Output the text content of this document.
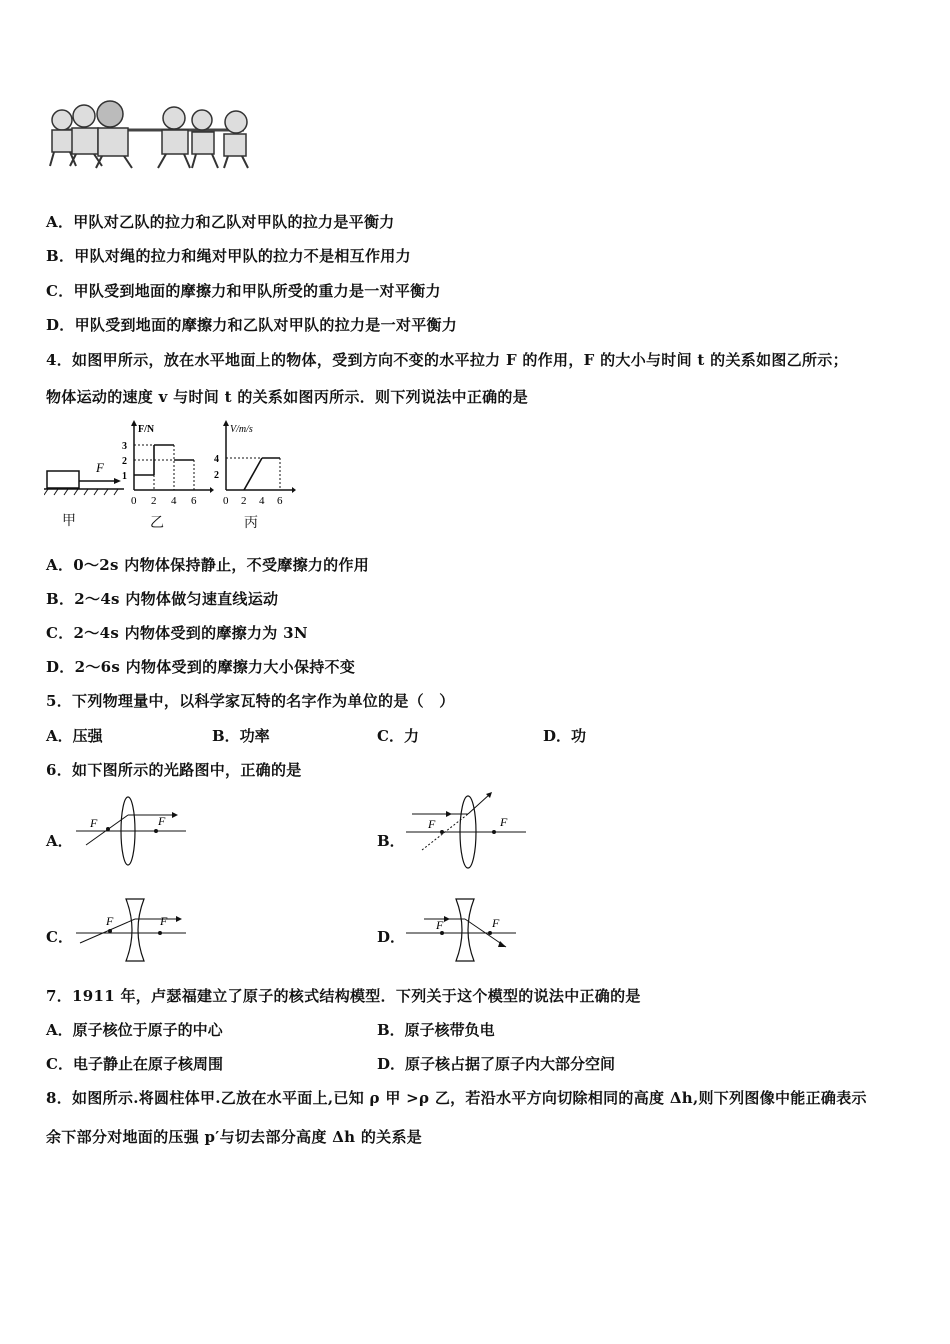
A．甲队对乙队的拉力和乙队对甲队的拉力是平衡力
B．甲队对绳的拉力和绳对甲队的拉力不是相互作用力
C．甲队受到地面的摩擦力和甲队所受的重力是一对平衡力
D．甲队受到地面的摩擦力和乙队对甲队的拉力是一对平衡力
4．如图甲所示，放在水平地面上的物体，受到方向不变的水平拉力 F 的作用，F 的大小与时间 t 的关系如图乙所示；
物体运动的速度 v 与时间 t 的关系如图丙所示．则下列说法中正确的是
F
甲
F/N
0 2 4 6
3
2
1
乙
V/m/s
0 2 4 6
4
2
丙
A．0～2s 内物体保持静止，不受摩擦力的作用
B．2～4s 内物体做匀速直线运动
C．2～4s 内物体受到的摩擦力为 3N
D．2～6s 内物体受到的摩擦力大小保持不变
5．下列物理量中，以科学家瓦特的名字作为单位的是（　）
A．压强	B．功率	C．力	D．功
6．如下图所示的光路图中，正确的是
A．
F	F
B．
F	F
C．
F	F
D．
F	F
7．1911 年，卢瑟福建立了原子的核式结构模型．下列关于这个模型的说法中正确的是
A．原子核位于原子的中心	B．原子核带负电
C．电子静止在原子核周围	D．原子核占据了原子内大部分空间
8．如图所示.将圆柱体甲.乙放在水平面上,已知 ρ 甲 >ρ 乙，若沿水平方向切除相同的高度 Δh,则下列图像中能正确表示
余下部分对地面的压强 p′与切去部分高度 Δh 的关系是
